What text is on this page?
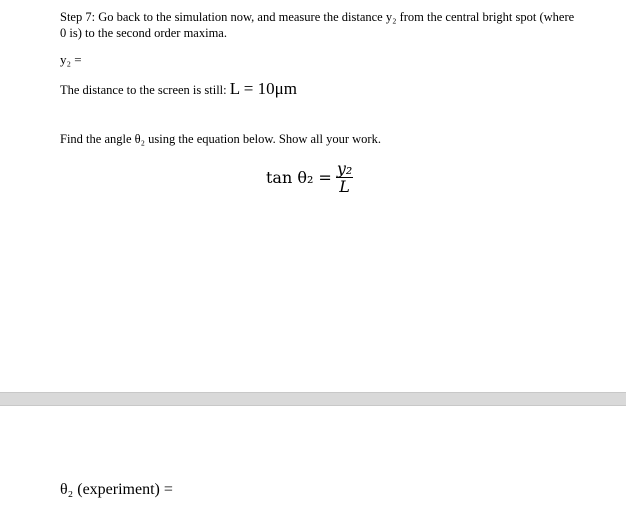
Step 7: Go back to the simulation now, and measure the distance y₂ from the central bright spot (where 0 is) to the second order maxima.
y₂ =
The distance to the screen is still: L = 10μm
Find the angle θ₂ using the equation below. Show all your work.
$\tan \theta_2 = \frac{\text{y₂}}{L}$
θ₂ (experiment) =
